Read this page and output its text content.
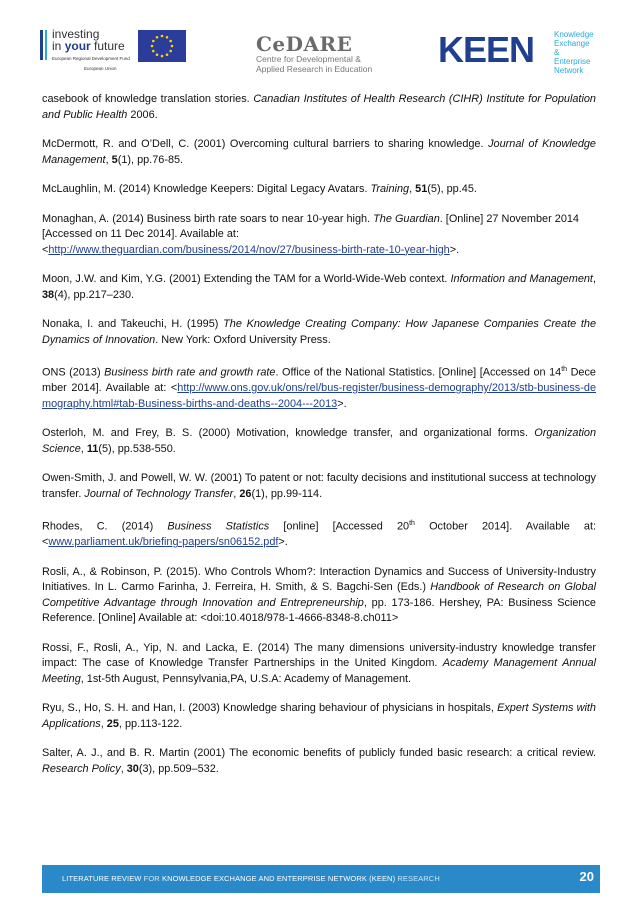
investing
in your future
European Regional Development Fund
European Union
CeDARE
Centre for Developmental &
Applied Research in Education	KEEN Knowledge
Exchange
& Enterprise
Network

casebook of knowledge translation stories. Canadian Institutes of Health Research (CIHR) Institute for Population and Public Health 2006.

McDermott, R. and O’Dell, C. (2001) Overcoming cultural barriers to sharing knowledge. Journal of Knowledge Management, 5(1), pp.76-85.

McLaughlin, M. (2014) Knowledge Keepers: Digital Legacy Avatars. Training, 51(5), pp.45.

Monaghan, A. (2014) Business birth rate soars to near 10-year high. The Guardian. [Online] 27 November 2014 [Accessed on 11 Dec 2014]. Available at:
<http://www.theguardian.com/business/2014/nov/27/business-birth-rate-10-year-high>.

Moon, J.W. and Kim, Y.G. (2001) Extending the TAM for a World-Wide-Web context. Information and Management, 38(4), pp.217–230.

Nonaka, I. and Takeuchi, H. (1995) The Knowledge Creating Company: How Japanese Companies Create the Dynamics of Innovation. New York: Oxford University Press.

ONS (2013) Business birth rate and growth rate. Office of the National Statistics. [Online] [Accessed on 14th December 2014]. Available at: <http://www.ons.gov.uk/ons/rel/bus-register/business-demography/2013/stb-business-demography.html#tab-Business-births-and-deaths--2004---2013>.

Osterloh, M. and Frey, B. S. (2000) Motivation, knowledge transfer, and organizational forms. Organization Science, 11(5), pp.538-550.

Owen-Smith, J. and Powell, W. W. (2001) To patent or not: faculty decisions and institutional success at technology transfer. Journal of Technology Transfer, 26(1), pp.99-114.

Rhodes, C. (2014) Business Statistics [online] [Accessed 20th October 2014]. Available at: <www.parliament.uk/briefing-papers/sn06152.pdf>.

Rosli, A., & Robinson, P. (2015). Who Controls Whom?: Interaction Dynamics and Success of University-Industry Initiatives. In L. Carmo Farinha, J. Ferreira, H. Smith, & S. Bagchi-Sen (Eds.) Handbook of Research on Global Competitive Advantage through Innovation and Entrepreneurship, pp. 173-186. Hershey, PA: Business Science Reference. [Online] Available at: <doi:10.4018/978-1-4666-8348-8.ch011>

Rossi, F., Rosli, A., Yip, N. and Lacka, E. (2014) The many dimensions university-industry knowledge transfer impact: The case of Knowledge Transfer Partnerships in the United Kingdom. Academy Management Annual Meeting, 1st-5th August, Pennsylvania,PA, U.S.A: Academy of Management.

Ryu, S., Ho, S. H. and Han, I. (2003) Knowledge sharing behaviour of physicians in hospitals, Expert Systems with Applications, 25, pp.113-122.

Salter, A. J., and B. R. Martin (2001) The economic benefits of publicly funded basic research: a critical review. Research Policy, 30(3), pp.509–532.

LITERATURE REVIEW FOR KNOWLEDGE EXCHANGE AND ENTERPRISE NETWORK (KEEN) RESEARCH	20
